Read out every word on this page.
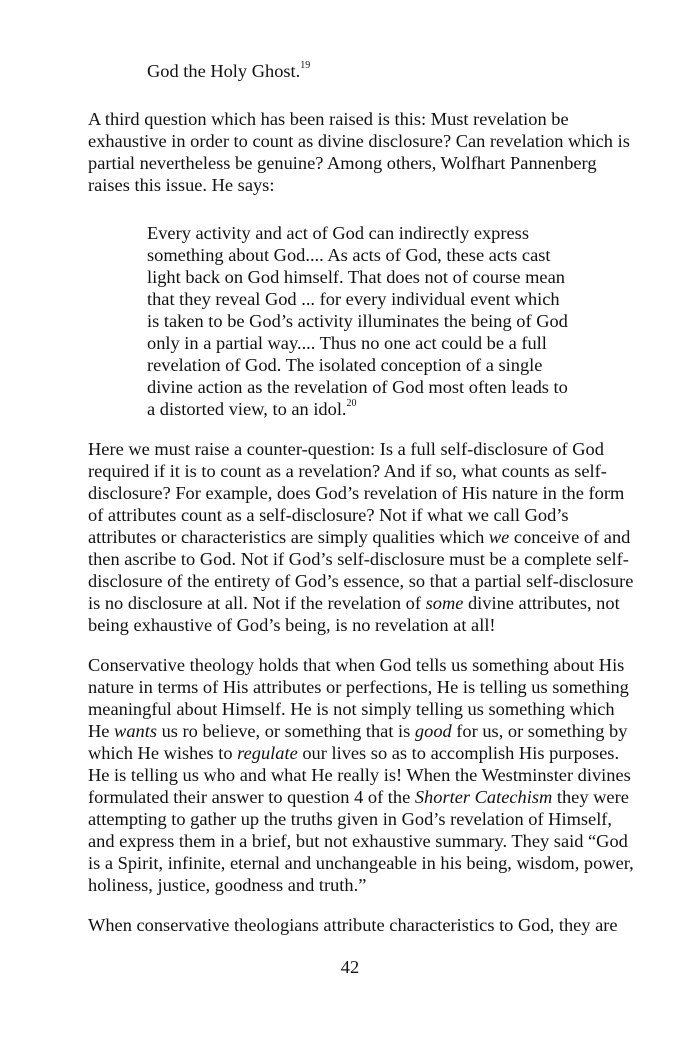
God the Holy Ghost.$^{19}$
A third question which has been raised is this: Must revelation be
exhaustive in order to count as divine disclosure? Can revelation which is
partial nevertheless be genuine? Among others, Wolfhart Pannenberg
raises this issue. He says:
Every activity and act of God can indirectly express
something about God.... As acts of God, these acts cast
light back on God himself. That does not of course mean
that they reveal God ... for every individual event which
is taken to be God’s activity illuminates the being of God
only in a partial way.... Thus no one act could be a full
revelation of God. The isolated conception of a single
divine action as the revelation of God most often leads to
a distorted view, to an idol.$^{20}$
Here we must raise a counter-question: Is a full self-disclosure of God
required if it is to count as a revelation? And if so, what counts as self-
disclosure? For example, does God’s revelation of His nature in the form
of attributes count as a self-disclosure? Not if what we call God’s
attributes or characteristics are simply qualities which we conceive of and
then ascribe to God. Not if God’s self-disclosure must be a complete self-
disclosure of the entirety of God’s essence, so that a partial self-disclosure
is no disclosure at all. Not if the revelation of some divine attributes, not
being exhaustive of God’s being, is no revelation at all!
Conservative theology holds that when God tells us something about His
nature in terms of His attributes or perfections, He is telling us something
meaningful about Himself. He is not simply telling us something which
He wants us ro believe, or something that is good for us, or something by
which He wishes to regulate our lives so as to accomplish His purposes.
He is telling us who and what He really is! When the Westminster divines
formulated their answer to question 4 of the Shorter Catechism they were
attempting to gather up the truths given in God’s revelation of Himself,
and express them in a brief, but not exhaustive summary. They said “God
is a Spirit, infinite, eternal and unchangeable in his being, wisdom, power,
holiness, justice, goodness and truth.”
When conservative theologians attribute characteristics to God, they are
42
